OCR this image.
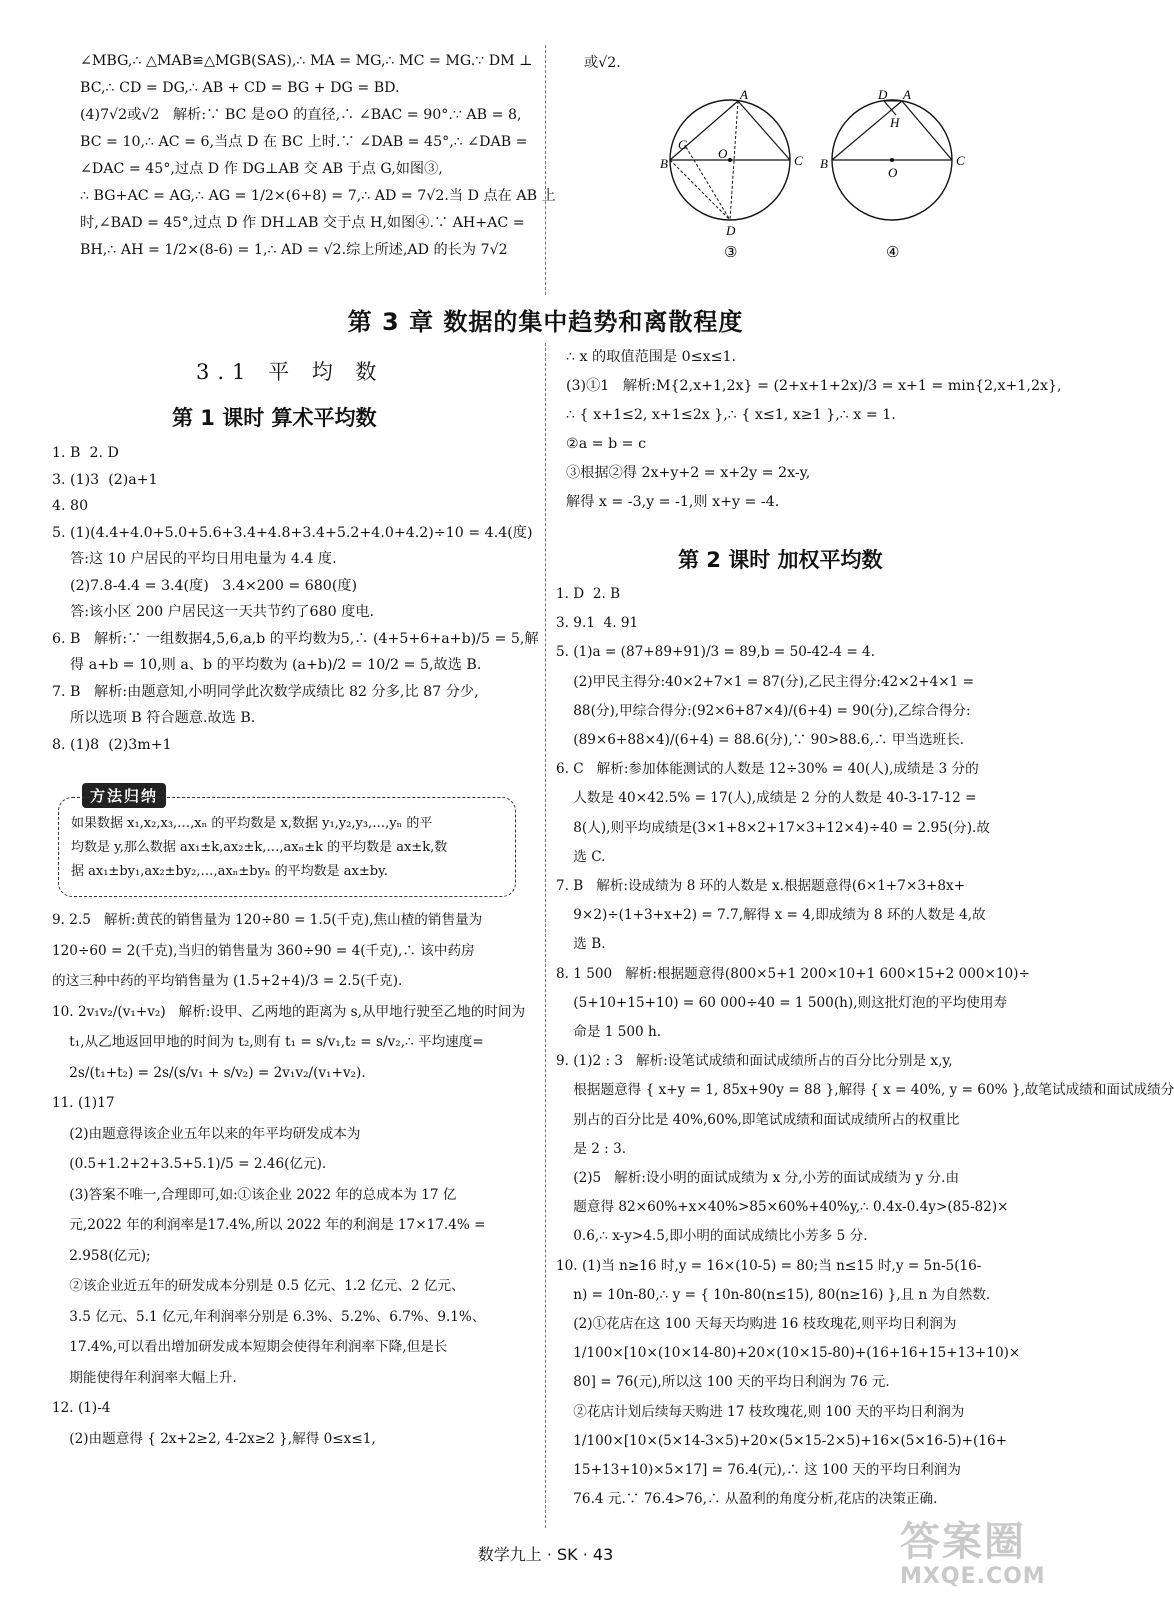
∠MBG,∴ △MAB≌△MGB(SAS),∴ MA = MG,∴ MC = MG.∵ DM ⊥
BC,∴ CD = DG,∴ AB + CD = BG + DG = BD.
(4)7√2或√2   解析:∵ BC 是⊙O 的直径,∴ ∠BAC = 90°.∵ AB = 8,
BC = 10,∴ AC = 6,当点 D 在 BC 上时.∵ ∠DAB = 45°,∴ ∠DAB =
∠DAC = 45°,过点 D 作 DG⊥AB 交 AB 于点 G,如图③,
∴ BG+AC = AG,∴ AG = 1/2×(6+8) = 7,∴ AD = 7√2.当 D 点在 AB 上
时,∠BAD = 45°,过点 D 作 DH⊥AB 交于点 H,如图④.∵ AH+AC =
BH,∴ AH = 1/2×(8-6) = 1,∴ AD = √2.综上所述,AD 的长为 7√2
或√2.
A
B	C
D
G
O
③
D A
H
B	C
O
④
第 3 章 数据的集中趋势和离散程度
3.1 平 均 数
第 1 课时 算术平均数
1. B  2. D
3. (1)3  (2)a+1
4. 80
5. (1)(4.4+4.0+5.0+5.6+3.4+4.8+3.4+5.2+4.0+4.2)÷10 = 4.4(度)
答:这 10 户居民的平均日用电量为 4.4 度.
(2)7.8-4.4 = 3.4(度)   3.4×200 = 680(度)
答:该小区 200 户居民这一天共节约了680 度电.
6. B   解析:∵ 一组数据4,5,6,a,b 的平均数为5,∴ (4+5+6+a+b)/5 = 5,解
得 a+b = 10,则 a、b 的平均数为 (a+b)/2 = 10/2 = 5,故选 B.
7. B   解析:由题意知,小明同学此次数学成绩比 82 分多,比 87 分少,
所以选项 B 符合题意.故选 B.
8. (1)8  (2)3m+1
方法归纳
如果数据 x₁,x₂,x₃,…,xₙ 的平均数是 x,数据 y₁,y₂,y₃,…,yₙ 的平
均数是 y,那么数据 ax₁±k,ax₂±k,…,axₙ±k 的平均数是 ax±k,数
据 ax₁±by₁,ax₂±by₂,…,axₙ±byₙ 的平均数是 ax±by.
9. 2.5   解析:黄芪的销售量为 120÷80 = 1.5(千克),焦山楂的销售量为
120÷60 = 2(千克),当归的销售量为 360÷90 = 4(千克),∴ 该中药房
的这三种中药的平均销售量为 (1.5+2+4)/3 = 2.5(千克).
10. 2v₁v₂/(v₁+v₂)   解析:设甲、乙两地的距离为 s,从甲地行驶至乙地的时间为
t₁,从乙地返回甲地的时间为 t₂,则有 t₁ = s/v₁,t₂ = s/v₂,∴ 平均速度=
2s/(t₁+t₂) = 2s/(s/v₁ + s/v₂) = 2v₁v₂/(v₁+v₂).
11. (1)17
(2)由题意得该企业五年以来的年平均研发成本为
(0.5+1.2+2+3.5+5.1)/5 = 2.46(亿元).
(3)答案不唯一,合理即可,如:①该企业 2022 年的总成本为 17 亿
元,2022 年的利润率是17.4%,所以 2022 年的利润是 17×17.4% =
2.958(亿元);
②该企业近五年的研发成本分别是 0.5 亿元、1.2 亿元、2 亿元、
3.5 亿元、5.1 亿元,年利润率分别是 6.3%、5.2%、6.7%、9.1%、
17.4%,可以看出增加研发成本短期会使得年利润率下降,但是长
期能使得年利润率大幅上升.
12. (1)-4
(2)由题意得 { 2x+2≥2, 4-2x≥2 },解得 0≤x≤1,
∴ x 的取值范围是 0≤x≤1.
(3)①1   解析:M{2,x+1,2x} = (2+x+1+2x)/3 = x+1 = min{2,x+1,2x},
∴ { x+1≤2, x+1≤2x },∴ { x≤1, x≥1 },∴ x = 1.
②a = b = c
③根据②得 2x+y+2 = x+2y = 2x-y,
解得 x = -3,y = -1,则 x+y = -4.
第 2 课时 加权平均数
1. D  2. B
3. 9.1  4. 91
5. (1)a = (87+89+91)/3 = 89,b = 50-42-4 = 4.
(2)甲民主得分:40×2+7×1 = 87(分),乙民主得分:42×2+4×1 =
88(分),甲综合得分:(92×6+87×4)/(6+4) = 90(分),乙综合得分:
(89×6+88×4)/(6+4) = 88.6(分),∵ 90>88.6,∴ 甲当选班长.
6. C   解析:参加体能测试的人数是 12÷30% = 40(人),成绩是 3 分的
人数是 40×42.5% = 17(人),成绩是 2 分的人数是 40-3-17-12 =
8(人),则平均成绩是(3×1+8×2+17×3+12×4)÷40 = 2.95(分).故
选 C.
7. B   解析:设成绩为 8 环的人数是 x.根据题意得(6×1+7×3+8x+
9×2)÷(1+3+x+2) = 7.7,解得 x = 4,即成绩为 8 环的人数是 4,故
选 B.
8. 1 500   解析:根据题意得(800×5+1 200×10+1 600×15+2 000×10)÷
(5+10+15+10) = 60 000÷40 = 1 500(h),则这批灯泡的平均使用寿
命是 1 500 h.
9. (1)2 : 3   解析:设笔试成绩和面试成绩所占的百分比分别是 x,y,
根据题意得 { x+y = 1, 85x+90y = 88 },解得 { x = 40%, y = 60% },故笔试成绩和面试成绩分
别占的百分比是 40%,60%,即笔试成绩和面试成绩所占的权重比
是 2 : 3.
(2)5   解析:设小明的面试成绩为 x 分,小芳的面试成绩为 y 分.由
题意得 82×60%+x×40%>85×60%+40%y,∴ 0.4x-0.4y>(85-82)×
0.6,∴ x-y>4.5,即小明的面试成绩比小芳多 5 分.
10. (1)当 n≥16 时,y = 16×(10-5) = 80;当 n≤15 时,y = 5n-5(16-
n) = 10n-80,∴ y = { 10n-80(n≤15), 80(n≥16) },且 n 为自然数.
(2)①花店在这 100 天每天均购进 16 枝玫瑰花,则平均日利润为
1/100×[10×(10×14-80)+20×(10×15-80)+(16+16+15+13+10)×
80] = 76(元),所以这 100 天的平均日利润为 76 元.
②花店计划后续每天购进 17 枝玫瑰花,则 100 天的平均日利润为
1/100×[10×(5×14-3×5)+20×(5×15-2×5)+16×(5×16-5)+(16+
15+13+10)×5×17] = 76.4(元),∴ 这 100 天的平均日利润为
76.4 元.∵ 76.4>76,∴ 从盈利的角度分析,花店的决策正确.
数学九上 · SK · 43	答案圈
MXQE.COM
